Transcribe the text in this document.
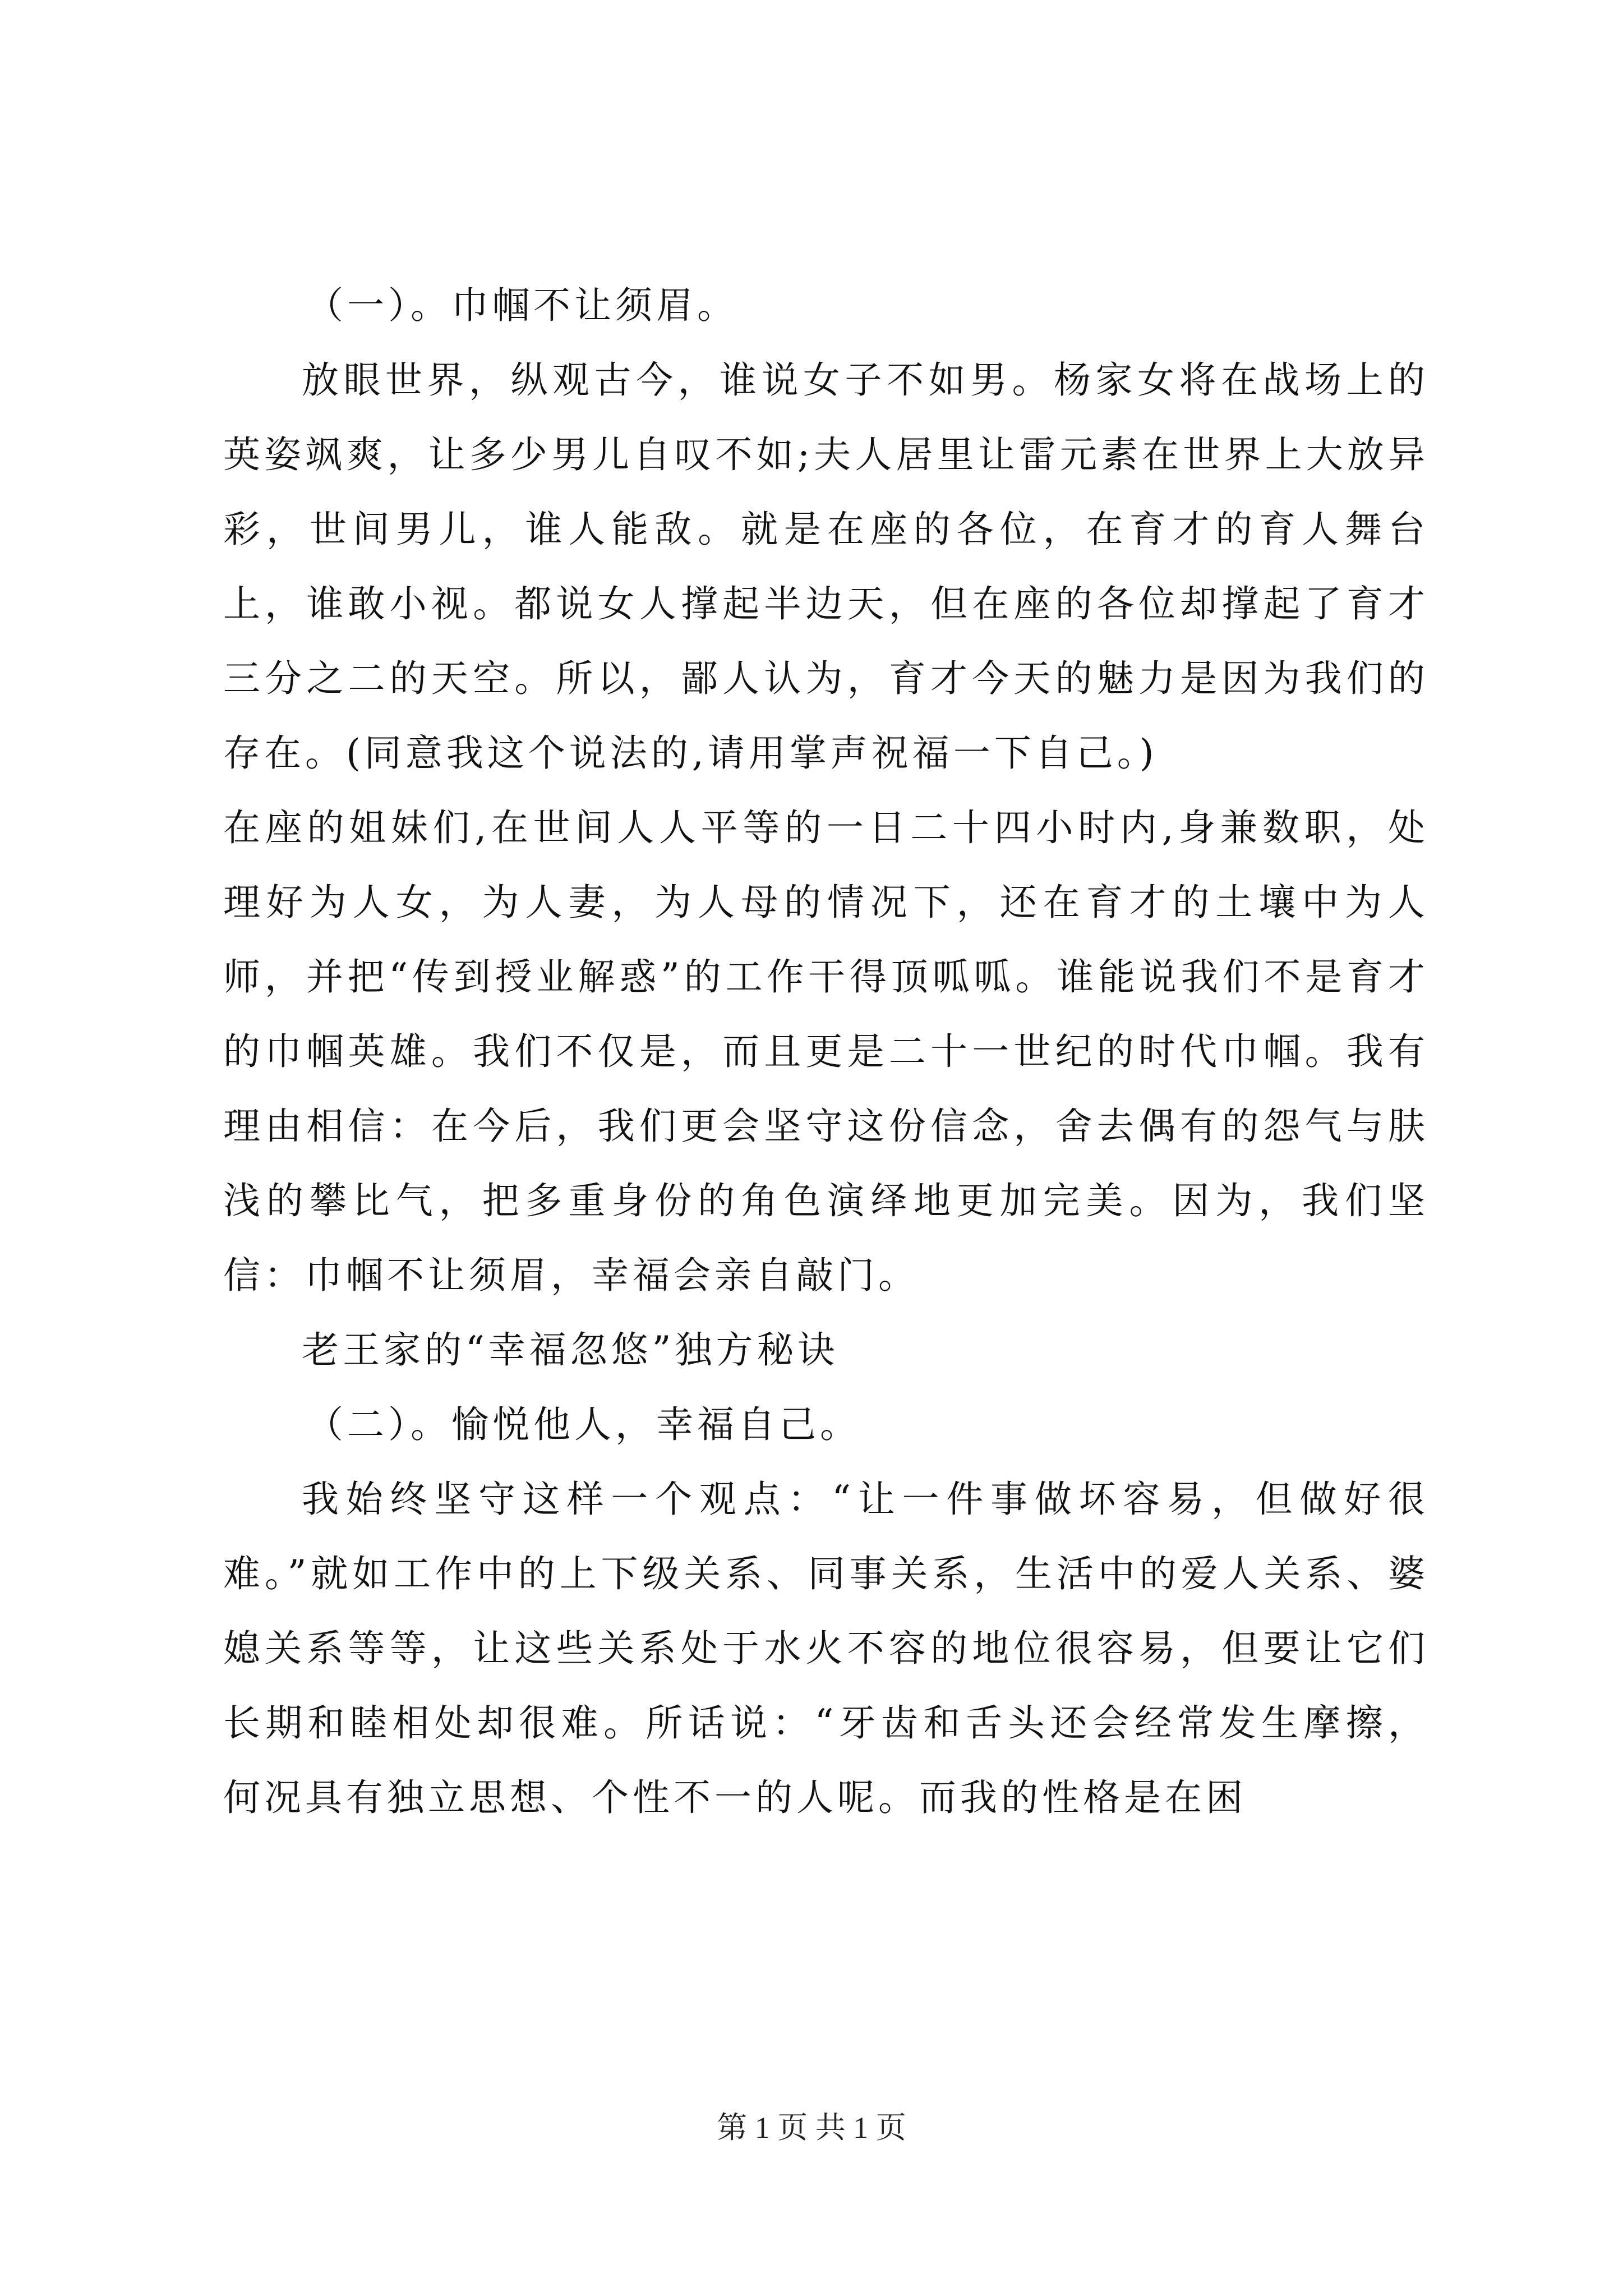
（一）。巾帼不让须眉。

放眼世界，纵观古今，谁说女子不如男。杨家女将在战场上的英姿飒爽，让多少男儿自叹不如;夫人居里让雷元素在世界上大放异彩，世间男儿，谁人能敌。就是在座的各位，在育才的育人舞台上，谁敢小视。都说女人撑起半边天，但在座的各位却撑起了育才三分之二的天空。所以，鄙人认为，育才今天的魅力是因为我们的存在。(同意我这个说法的,请用掌声祝福一下自己。)

在座的姐妹们,在世间人人平等的一日二十四小时内,身兼数职，处理好为人女，为人妻，为人母的情况下，还在育才的土壤中为人师，并把“传到授业解惑”的工作干得顶呱呱。谁能说我们不是育才的巾帼英雄。我们不仅是，而且更是二十一世纪的时代巾帼。我有理由相信：在今后，我们更会坚守这份信念，舍去偶有的怨气与肤浅的攀比气，把多重身份的角色演绎地更加完美。因为，我们坚信：巾帼不让须眉，幸福会亲自敲门。

老王家的“幸福忽悠”独方秘诀

（二）。愉悦他人，幸福自己。

我始终坚守这样一个观点：“让一件事做坏容易，但做好很难。”就如工作中的上下级关系、同事关系，生活中的爱人关系、婆媳关系等等，让这些关系处于水火不容的地位很容易，但要让它们长期和睦相处却很难。所话说：“牙齿和舌头还会经常发生摩擦，何况具有独立思想、个性不一的人呢。而我的性格是在困

第 1 页 共 1 页
